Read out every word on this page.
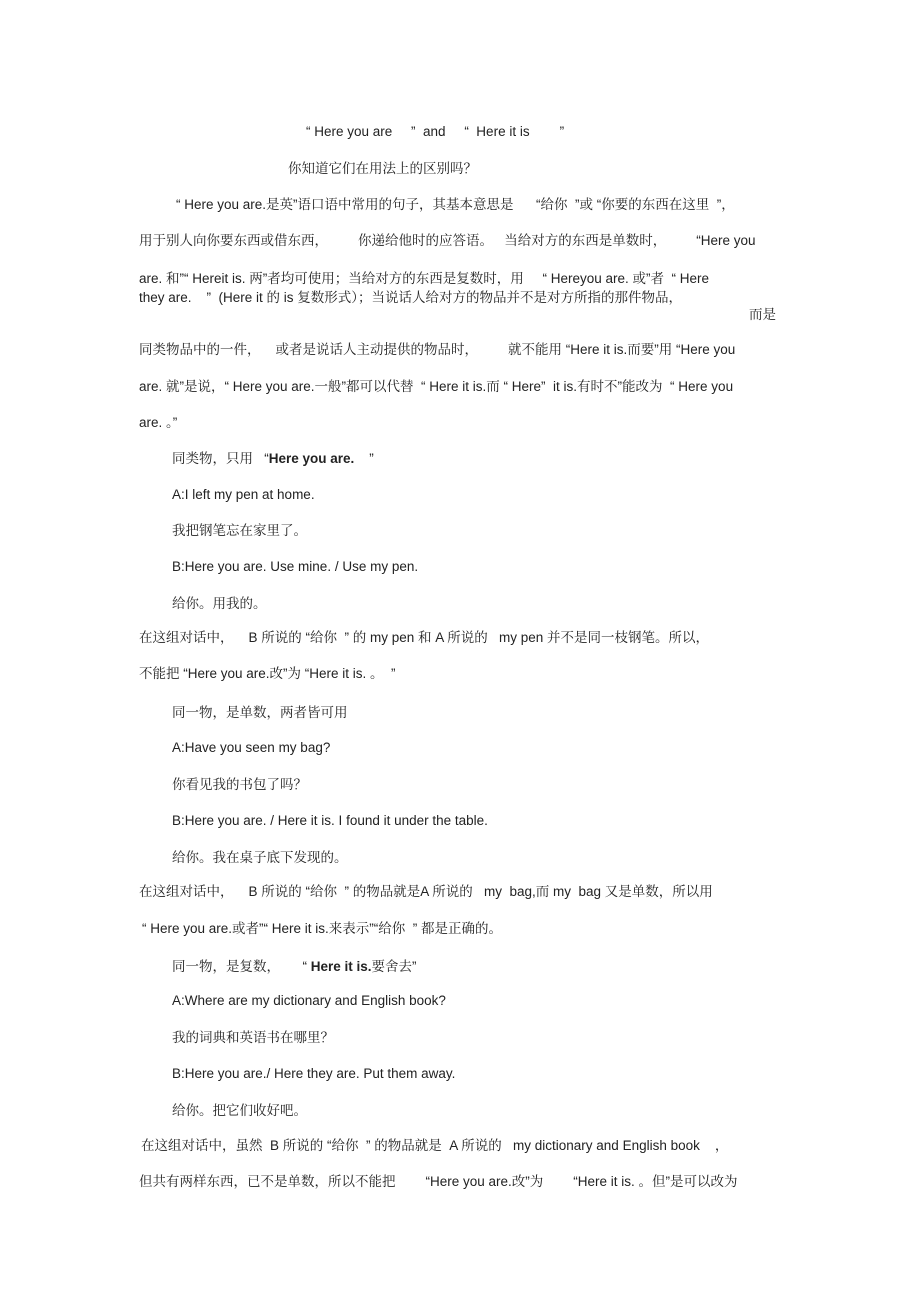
“ Here you are     ”  and     “  Here it is        ”
你知道它们在用法上的区别吗？
“ Here you are.是英”语口语中常用的句子，其基本意思是      “给你  ”或 “你要的东西在这里  ”，
用于别人向你要东西或借东西，        你递给他时的应答语。   当给对方的东西是单数时，        “Here you
are. 和”“ Hereit is. 两”者均可使用；当给对方的东西是复数时，用     “ Hereyou are. 或”者  “ Here
they are.    ”  (Here it 的 is 复数形式）；当说话人给对方的物品并不是对方所指的那件物品，
而是
同类物品中的一件，    或者是说话人主动提供的物品时，        就不能用 “Here it is.而要”用 “Here you
are. 就”是说，“ Here you are.一般”都可以代替  “ Here it is.而 “ Here”  it is.有时不”能改为  “ Here you
are. 。”
同类物，只用   “Here you are.    ”
A:I left my pen at home.
我把钢笔忘在家里了。
B:Here you are. Use mine. / Use my pen.
给你。用我的。
在这组对话中，    B 所说的 “给你  ” 的 my pen 和 A 所说的   my pen 并不是同一枝钢笔。所以，
不能把 “Here you are.改”为 “Here it is. 。  ”
同一物，是单数，两者皆可用
A:Have you seen my bag?
你看见我的书包了吗？
B:Here you are. / Here it is. I found it under the table.
给你。我在桌子底下发现的。
在这组对话中，    B 所说的 “给你  ” 的物品就是A 所说的   my  bag,而 my  bag 又是单数，所以用
“ Here you are.或者”“ Here it is.来表示”“给你  ” 都是正确的。
同一物，是复数，      “ Here it is.要舍去”
A:Where are my dictionary and English book?
我的词典和英语书在哪里？
B:Here you are./ Here they are. Put them away.
给你。把它们收好吧。
在这组对话中，虽然  B 所说的 “给你  ” 的物品就是  A 所说的   my dictionary and English book    ，
但共有两样东西，已不是单数，所以不能把        “Here you are.改”为        “Here it is. 。但”是可以改为
